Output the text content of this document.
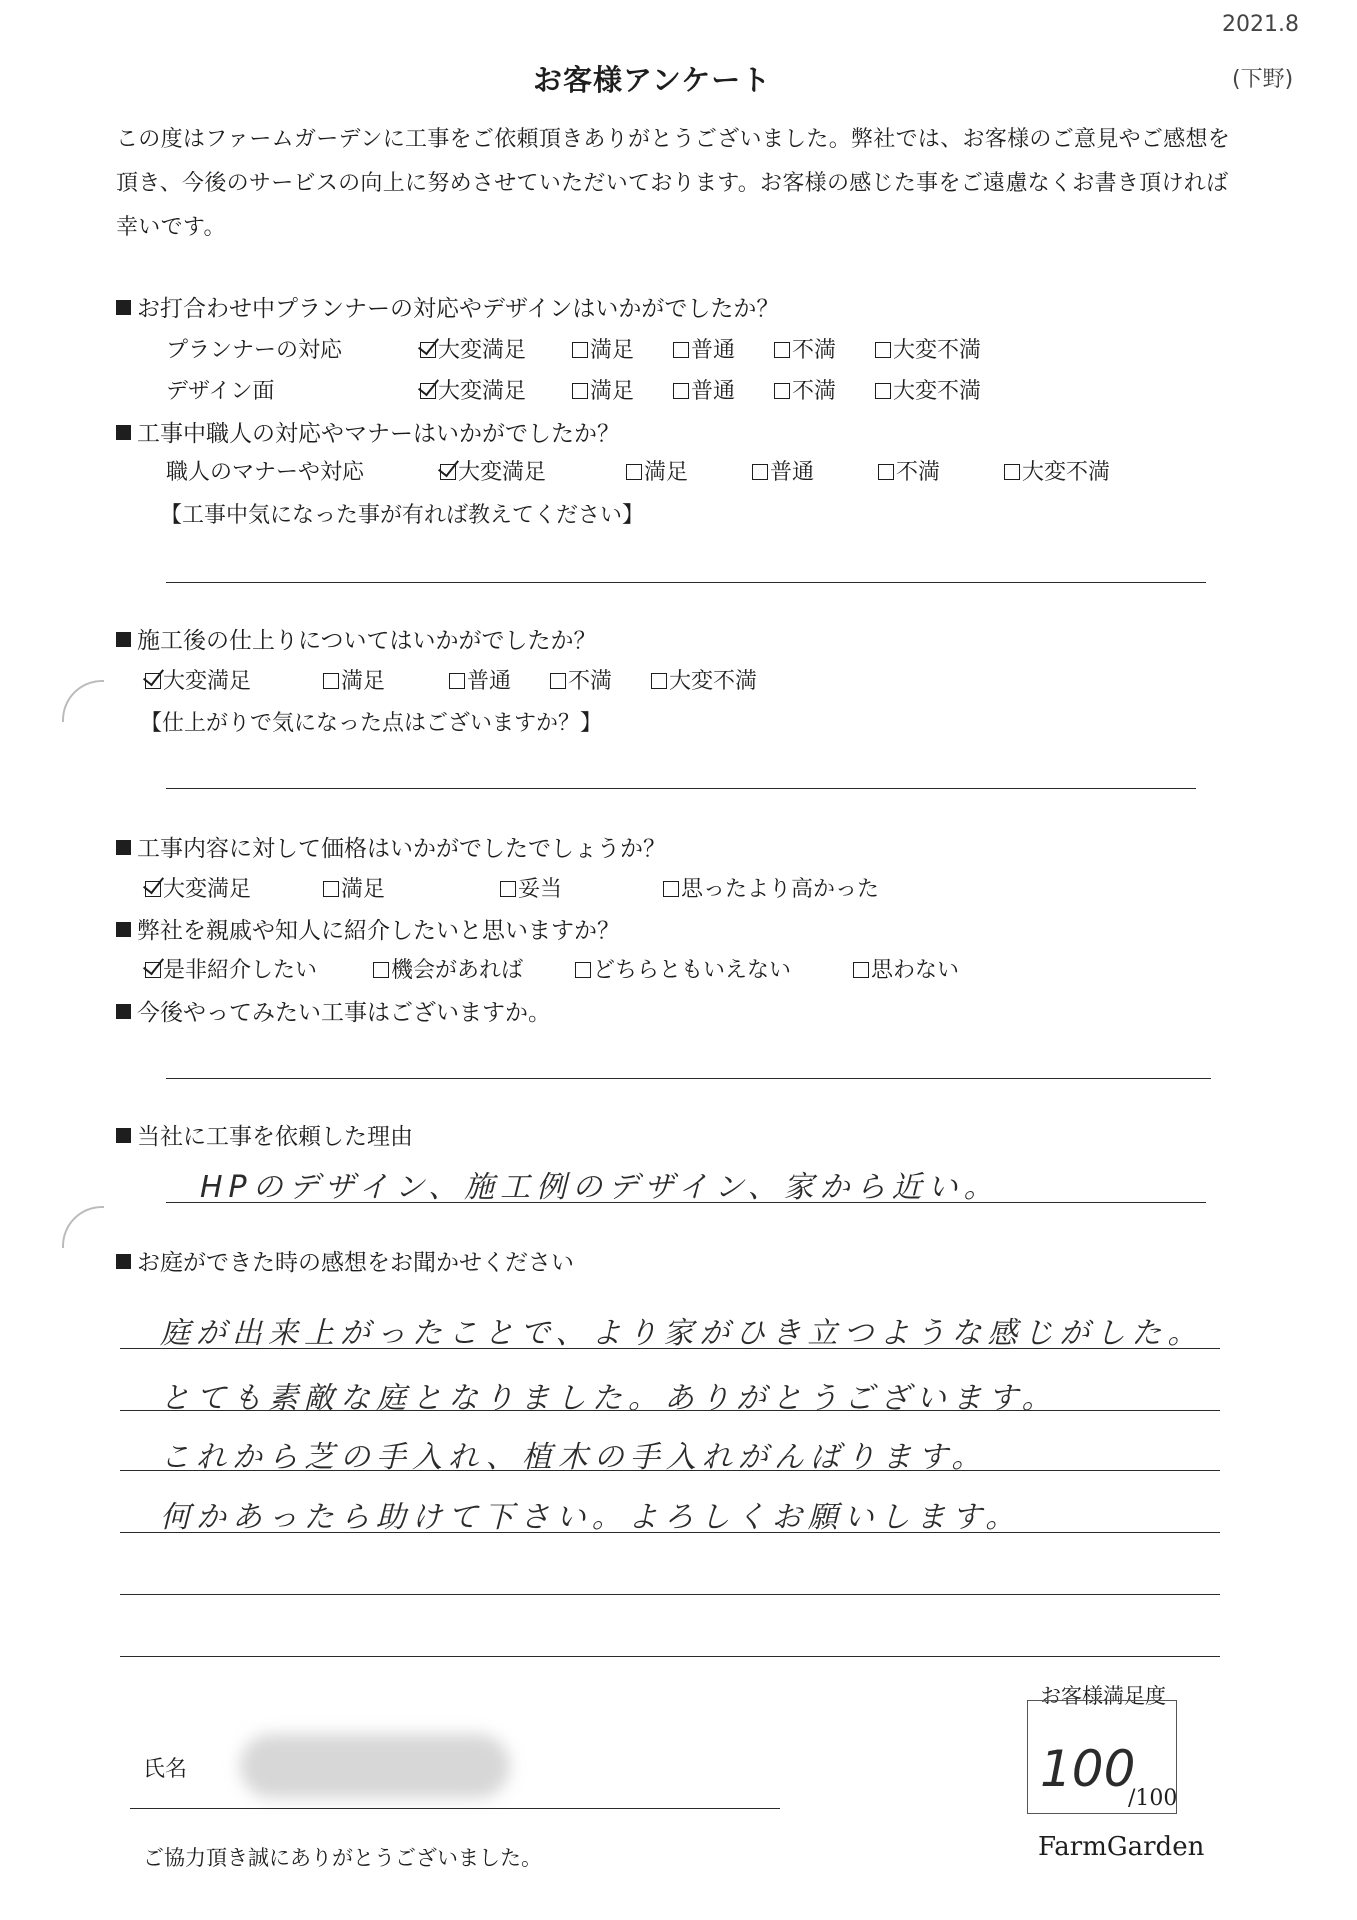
2021.8
(下野)
お客様アンケート
この度はファームガーデンに工事をご依頼頂きありがとうございました。弊社では、お客様のご意見やご感想を頂き、今後のサービスの向上に努めさせていただいております。お客様の感じた事をご遠慮なくお書き頂ければ幸いです。
お打合わせ中プランナーの対応やデザインはいかがでしたか？
プランナーの対応	大変満足	満足	普通	不満	大変不満
デザイン面	大変満足	満足	普通	不満	大変不満
工事中職人の対応やマナーはいかがでしたか？
職人のマナーや対応	大変満足	満足	普通	不満	大変不満
【工事中気になった事が有れば教えてください】
施工後の仕上りについてはいかがでしたか？
大変満足	満足	普通	不満	大変不満
【仕上がりで気になった点はございますか？】
工事内容に対して価格はいかがでしたでしょうか？
大変満足	満足	妥当	思ったより高かった
弊社を親戚や知人に紹介したいと思いますか？
是非紹介したい	機会があれば	どちらともいえない	思わない
今後やってみたい工事はございますか。
当社に工事を依頼した理由
HPのデザイン、施工例のデザイン、家から近い。
お庭ができた時の感想をお聞かせください
庭が出来上がったことで、より家がひき立つような感じがした。
とても素敵な庭となりました。ありがとうございます。
これから芝の手入れ、植木の手入れがんばります。
何かあったら助けて下さい。よろしくお願いします。
お客様満足度
100
/100
FarmGarden
氏名
ご協力頂き誠にありがとうございました。
